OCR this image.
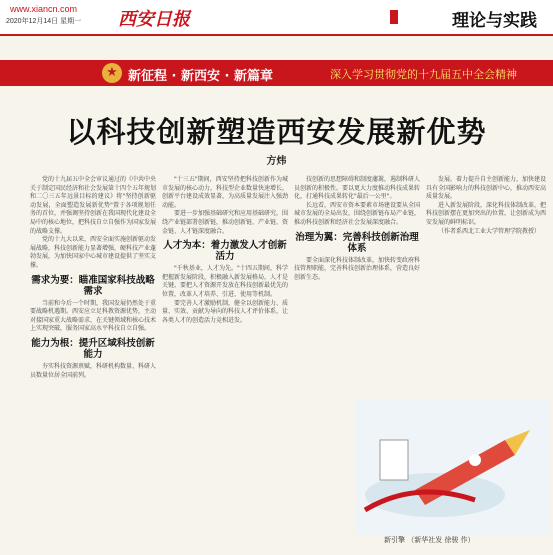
www.xiancn.com
2020年12月14日 星期一 西安日报	理论与实践
★ 新征程 · 新西安 · 新篇章	深入学习贯彻党的十九届五中全会精神
以科技创新塑造西安发展新优势
方炜

党的十九届五中全会审议通过的《中共中央关于制定国民经济和社会发展第十四个五年规划和二〇三五年远景目标的建议》将"坚持创新驱动发展，全面塑造发展新优势"置于各项规划任务的首位，并强调坚持创新在我国现代化建设全局中的核心地位，把科技自立自强作为国家发展的战略支撑。

党的十九大以来，西安全面实施创新驱动发展战略，科技创新能力显著增强，硬科技产业蓬勃发展，为加快国家中心城市建设提供了坚实支撑。

需求为要：瞄准国家科技战略需求

当前和今后一个时期，我国发展仍然处于重要战略机遇期。西安应立足科教资源优势，主动对接国家重大战略需求，在关键领域和核心技术上实现突破，服务国家高水平科技自立自强。

能力为根：提升区域科技创新能力

夯实科技资源禀赋，科研机构数量、科研人员数量位居全国前列。

"十三五"期间，西安坚持把科技创新作为城市发展的核心动力，科技型企业数量快速增长，创新平台建设成效显著，为高质量发展注入强劲动能。

要进一步加强基础研究和应用基础研究，围绕产业链部署创新链，推动创新链、产业链、资金链、人才链深度融合。

人才为本：着力激发人才创新活力

"千秋基业，人才为先。"十四五期间，科学把握新发展阶段，积极融入新发展格局，人才是关键。要把人才资源开发放在科技创新最优先的位置，改革人才培养、引进、使用等机制。

要完善人才激励机制，健全以创新能力、质量、实效、贡献为导向的科技人才评价体系，让各类人才的创造活力竞相迸发。

技创新的思想障碍和制度藩篱，遏制科研人员创新的积极性。要以更大力度推动科技成果转化，打通科技成果转化"最后一公里"。

长远看，西安市资本要素市场建设要从全国城市发展的全局出发，围绕创新链布局产业链，推动科技创新和经济社会发展深度融合。

治理为翼：完善科技创新治理体系

要全面深化科技体制改革，加快转变政府科技管理职能，完善科技创新治理体系，营造良好创新生态。

发展。着力提升自主创新能力，加快建设具有全国影响力的科技创新中心，推动西安高质量发展。

进入新发展阶段，深化科技体制改革，把科技创新摆在更加突出的位置，让创新成为西安发展的鲜明标识。

（作者系西北工业大学管理学院教授）

新引擎 （新华社发 徐骏 作）
